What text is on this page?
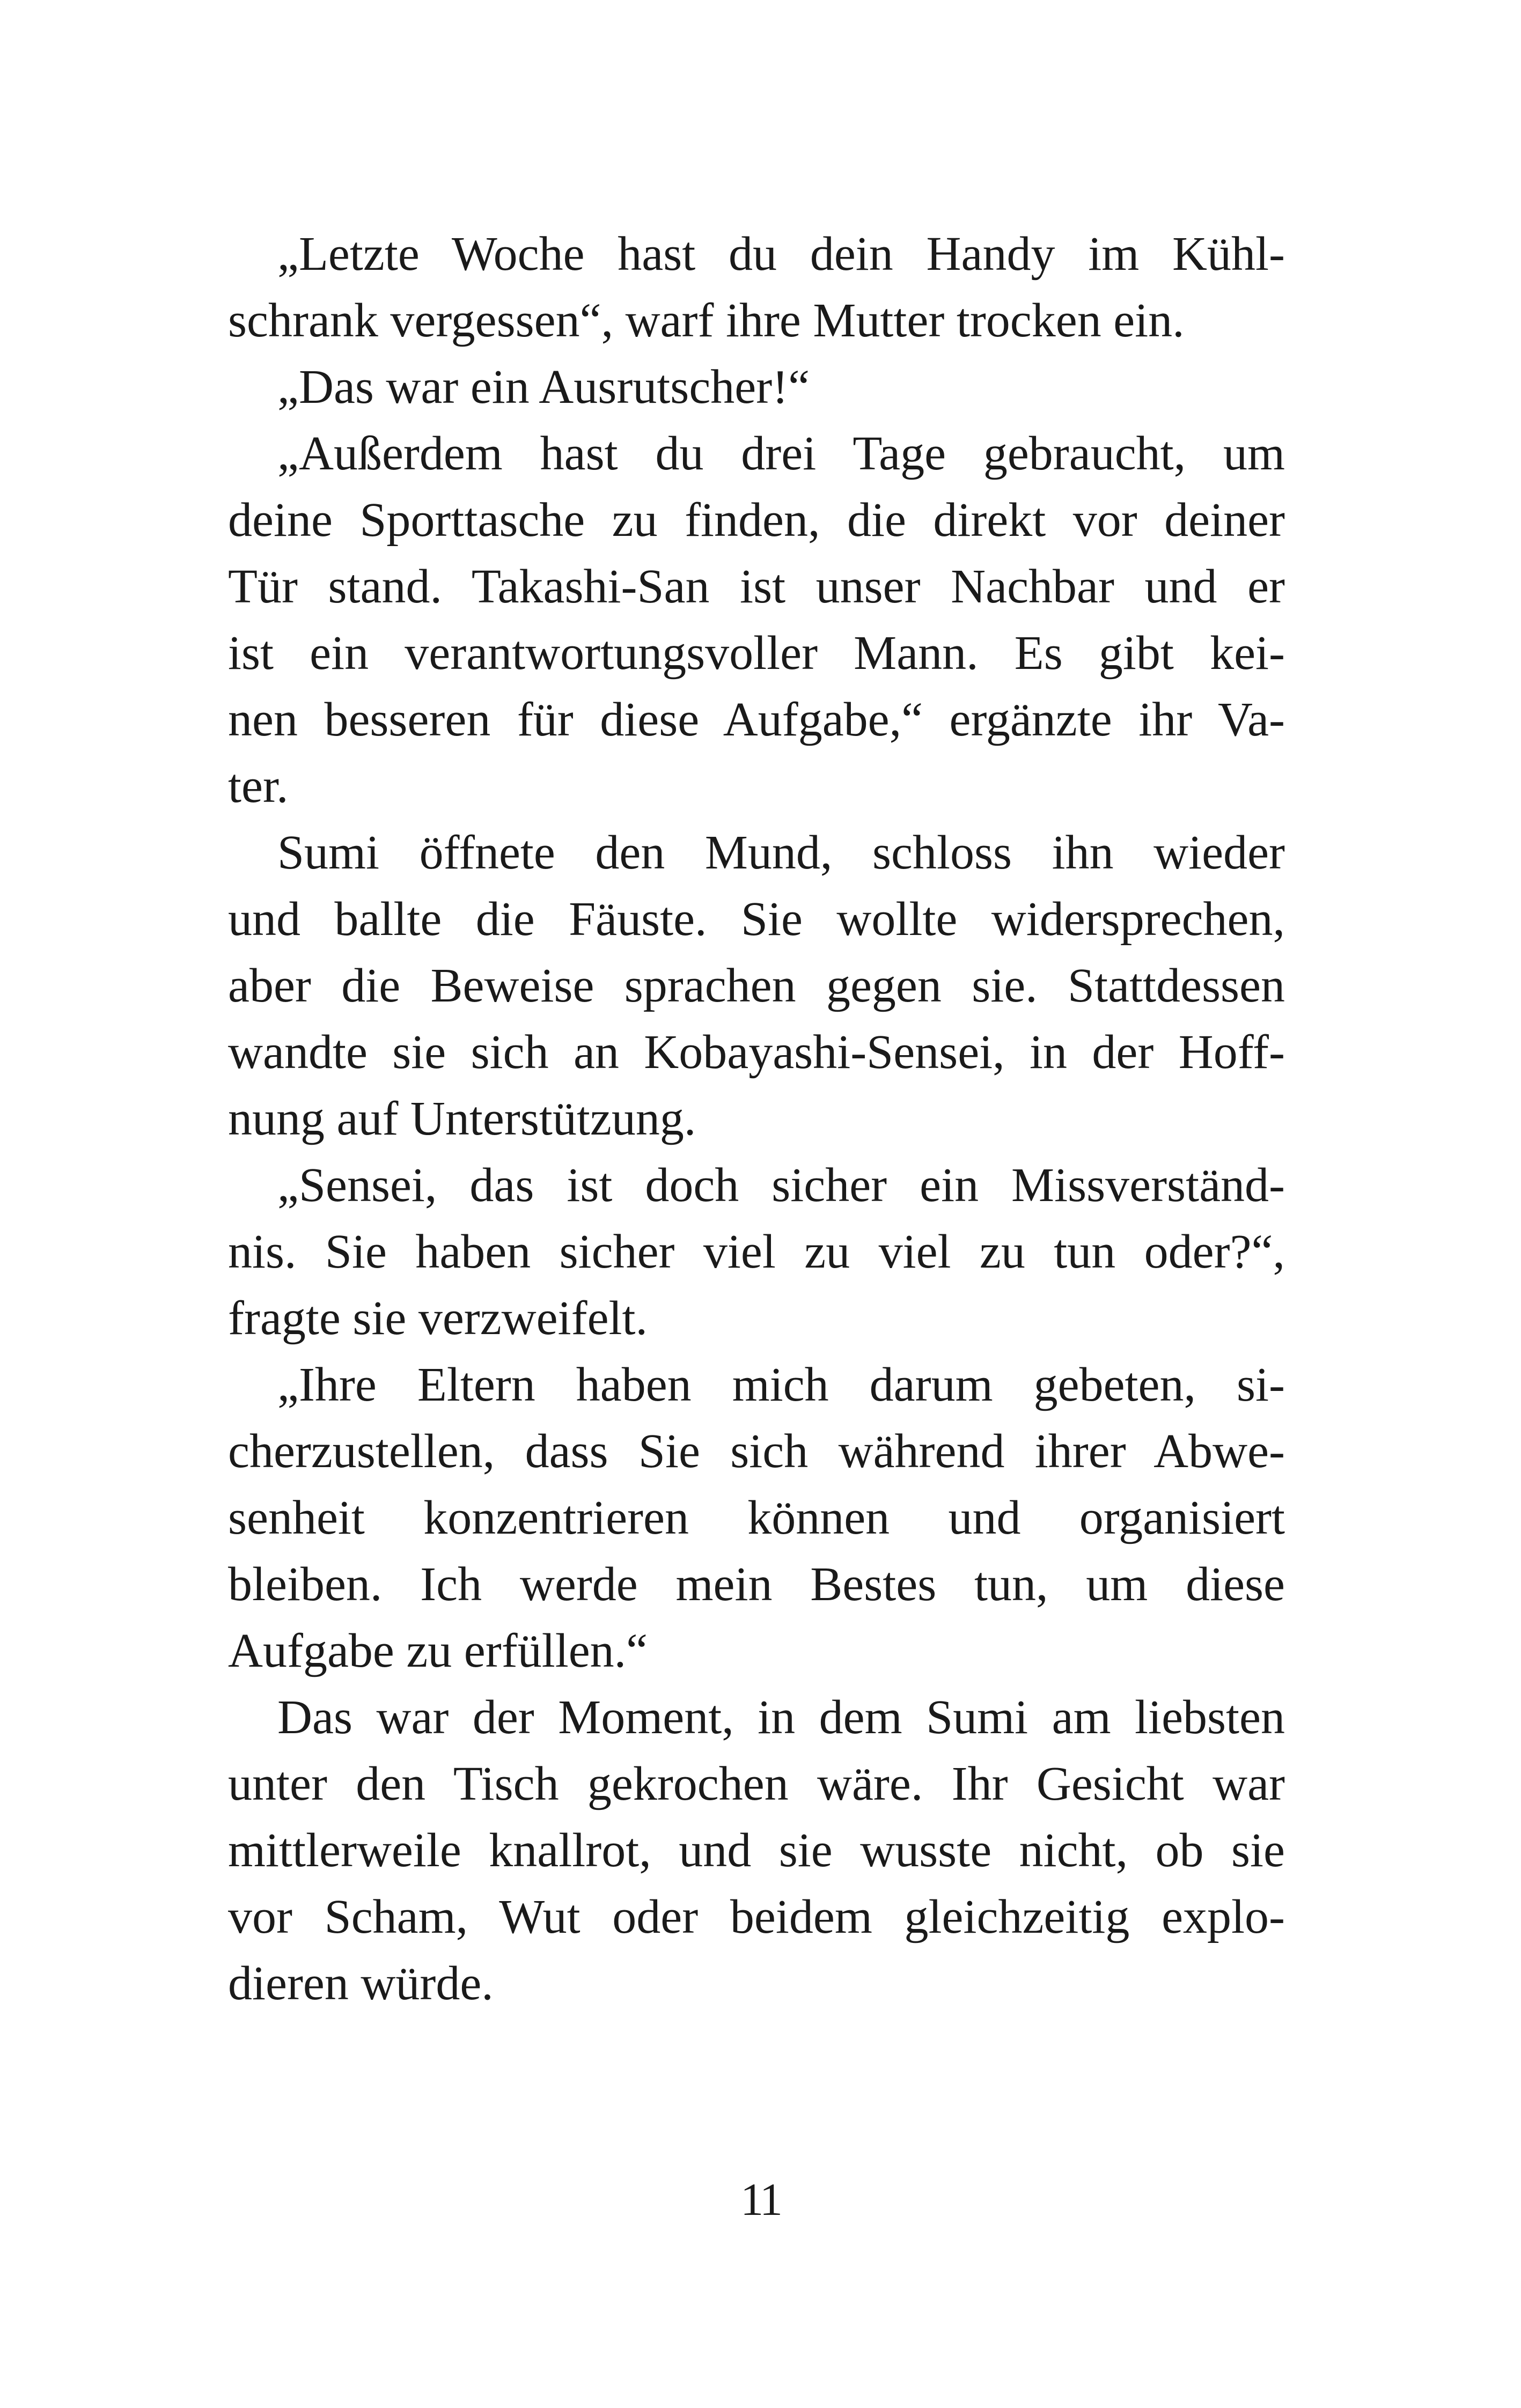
„Letzte Woche hast du dein Handy im Kühl-
schrank vergessen“, warf ihre Mutter trocken ein.
„Das war ein Ausrutscher!“
„Außerdem hast du drei Tage gebraucht, um
deine Sporttasche zu finden, die direkt vor deiner
Tür stand. Takashi-San ist unser Nachbar und er
ist ein verantwortungsvoller Mann. Es gibt kei-
nen besseren für diese Aufgabe,“ ergänzte ihr Va-
ter.
Sumi öffnete den Mund, schloss ihn wieder
und ballte die Fäuste. Sie wollte widersprechen,
aber die Beweise sprachen gegen sie. Stattdessen
wandte sie sich an Kobayashi-Sensei, in der Hoff-
nung auf Unterstützung.
„Sensei, das ist doch sicher ein Missverständ-
nis. Sie haben sicher viel zu viel zu tun oder?“,
fragte sie verzweifelt.
„Ihre Eltern haben mich darum gebeten, si-
cherzustellen, dass Sie sich während ihrer Abwe-
senheit konzentrieren können und organisiert
bleiben. Ich werde mein Bestes tun, um diese
Aufgabe zu erfüllen.“
Das war der Moment, in dem Sumi am liebsten
unter den Tisch gekrochen wäre. Ihr Gesicht war
mittlerweile knallrot, und sie wusste nicht, ob sie
vor Scham, Wut oder beidem gleichzeitig explo-
dieren würde.
11
